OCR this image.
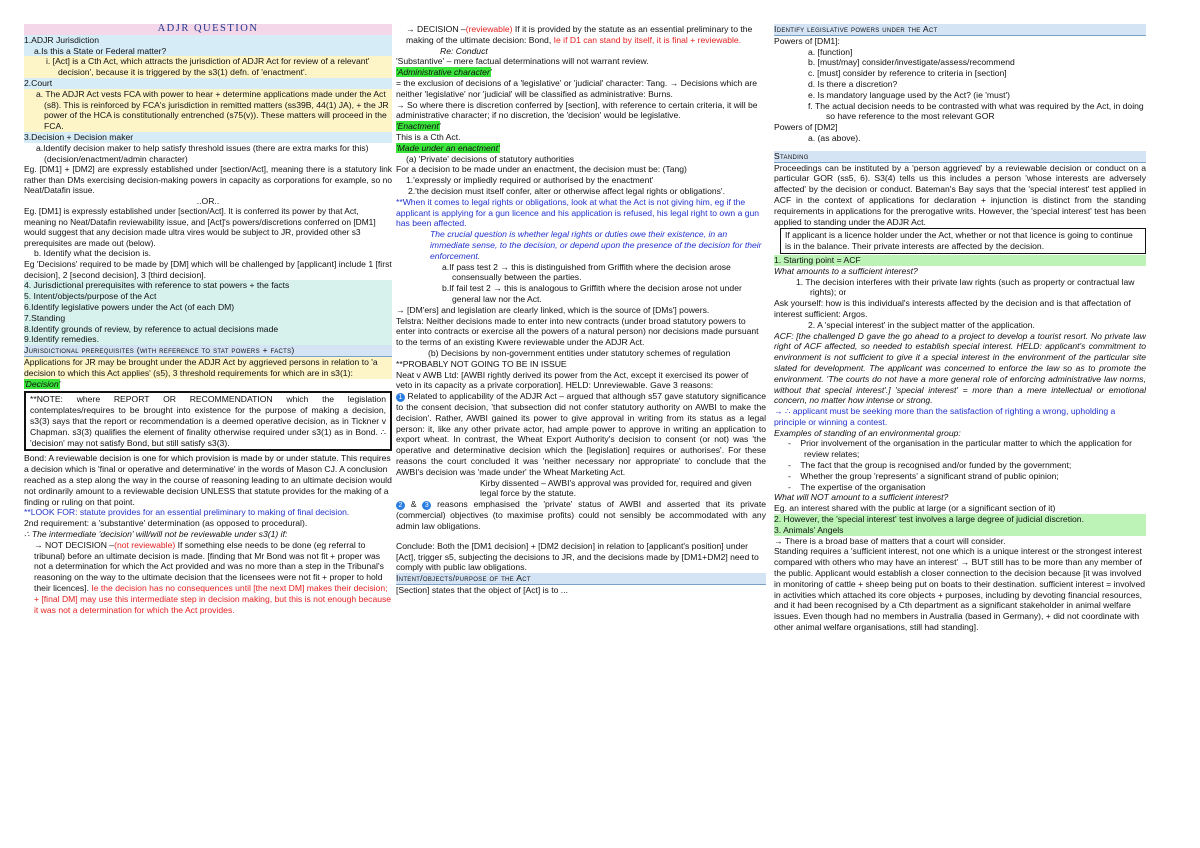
ADJR QUESTION
1.ADJR Jurisdiction
a.Is this a State or Federal matter?
i. [Act] is a Cth Act, which attracts the jurisdiction of ADJR Act for review of a relevant' decision', because it is triggered by the s3(1) defn. of 'enactment'.
2.Court
a. The ADJR Act vests FCA with power to hear + determine applications made under the Act (s8). This is reinforced by FCA's jurisdiction in remitted matters (ss39B, 44(1) JA), + the JR power of the HCA is constitutionally entrenched (s75(v)). These matters will proceed in the FCA.
3.Decision + Decision maker
a.Identify decision maker to help satisfy threshold issues (there are extra marks for this) (decision/enactment/admin character)
Eg. [DM1] + [DM2] are expressly established under [section/Act], meaning there is a statutory link rather than DMs exercising decision-making powers in capacity as corporations for example, so no Neat/Datafin issue.
..OR..
Eg. [DM1] is expressly established under [section/Act]. It is conferred its power by that Act, meaning no Neat/Datafin reviewability issue, and [Act]'s powers/discretions conferred on [DM1] would suggest that any decision made ultra vires would be subject to JR, provided other s3 prerequisites are made out (below).
b. Identify what the decision is.
Eg 'Decisions' required to be made by [DM] which will be challenged by [applicant] include 1 [first decision], 2 [second decision], 3 [third decision].
4. Jurisdictional prerequisites with reference to stat powers + the facts
5. Intent/objects/purpose of the Act
6.Identify legislative powers under the Act (of each DM)
7.Standing
8.Identify grounds of review, by reference to actual decisions made
9.Identify remedies.
Jurisdictional prerequisites (with reference to stat powers + facts)
Applications for JR may be brought under the ADJR Act by aggrieved persons in relation to 'a decision to which this Act applies' (s5), 3 threshold requirements for which are in s3(1):
'Decision'
**NOTE: where REPORT OR RECOMMENDATION which the legislation contemplates/requires to be brought into existence for the purpose of making a decision, s3(3) says that the report or recommendation is a deemed operative decision, as in Tickner v Chapman. s3(3) qualifies the element of finality otherwise required under s3(1) as in Bond. ∴ 'decision' may not satisfy Bond, but still satisfy s3(3).
Bond: A reviewable decision is one for which provision is made by or under statute. This requires a decision which is 'final or operative and determinative' in the words of Mason CJ. A conclusion reached as a step along the way in the course of reasoning leading to an ultimate decision would not ordinarily amount to a reviewable decision UNLESS that statute provides for the making of a finding or ruling on that point.
**LOOK FOR: statute provides for an essential preliminary to making of final decision.
2nd requirement: a 'substantive' determination (as opposed to procedural).
∴ The intermediate 'decision' will/will not be reviewable under s3(1) if:
→ NOT DECISION –(not reviewable) If something else needs to be done (eg referral to tribunal) before an ultimate decision is made. [finding that Mr Bond was not fit + proper was not a determination for which the Act provided and was no more than a step in the Tribunal's reasoning on the way to the ultimate decision that the licensees were not fit + proper to hold their licences]. Ie the decision has no consequences until [the next DM] makes their decision; + [final DM] may use this intermediate step in decision making, but this is not enough because it was not a determination for which the Act provides.
→ DECISION –(reviewable) If it is provided by the statute as an essential preliminary to the making of the ultimate decision: Bond, Ie if D1 can stand by itself, it is final + reviewable.
Re: Conduct
'Substantive' – mere factual determinations will not warrant review.
'Administrative character'
= the exclusion of decisions of a 'legislative' or 'judicial' character: Tang. → Decisions which are neither 'legislative' nor 'judicial' will be classified as administrative: Burns.
→ So where there is discretion conferred by [section], with reference to certain criteria, it will be administrative character; if no discretion, the 'decision' would be legislative.
'Enactment'
This is a Cth Act.
'Made under an enactment'
(a) 'Private' decisions of statutory authorities
For a decision to be made under an enactment, the decision must be: (Tang)
1.'expressly or impliedly required or authorised by the enactment'
2.'the decision must itself confer, alter or otherwise affect legal rights or obligations'.
**When it comes to legal rights or obligations, look at what the Act is not giving him, eg if the applicant is applying for a gun licence and his application is refused, his legal right to own a gun has been affected.
The crucial question is whether legal rights or duties owe their existence, in an immediate sense, to the decision, or depend upon the presence of the decision for their enforcement.
a.If pass test 2 → this is distinguished from Griffith where the decision arose consensually between the parties.
b.If fail test 2 → this is analogous to Griffith where the decision arose not under general law nor the Act.
→ [DM'ers] and legislation are clearly linked, which is the source of [DMs'] powers.
Telstra: Neither decisions made to enter into new contracts (under broad statutory powers to enter into contracts or exercise all the powers of a natural person) nor decisions made pursuant to the terms of an existing Kwere reviewable under the ADJR Act.
(b) Decisions by non-government entities under statutory schemes of regulation
**PROBABLY NOT GOING TO BE IN ISSUE
Neat v AWB Ltd: [AWBI rightly derived its power from the Act, except it exercised its power of veto in its capacity as a private corporation]. HELD: Unreviewable. Gave 3 reasons:
1 Related to applicability of the ADJR Act – argued that although s57 gave statutory significance to the consent decision, 'that subsection did not confer statutory authority on AWBI to make the decision'. Rather, AWBI gained its power to give approval in writing from its status as a legal person: it, like any other private actor, had ample power to approve in writing an application to export wheat. In contrast, the Wheat Export Authority's decision to consent (or not) was 'the operative and determinative decision which the [legislation] requires or authorises'. For these reasons the court concluded it was 'neither necessary nor appropriate' to conclude that the AWBI's decision was 'made under' the Wheat Marketing Act.
Kirby dissented – AWBI's approval was provided for, required and given legal force by the statute.
2 & 3 reasons emphasised the 'private' status of AWBI and asserted that its private (commercial) objectives (to maximise profits) could not sensibly be accommodated with any admin law obligations.
Conclude: Both the [DM1 decision] + [DM2 decision] in relation to [applicant's position] under [Act], trigger s5, subjecting the decisions to JR, and the decisions made by [DM1+DM2] need to comply with public law obligations.
Intent/objects/purpose of the Act
[Section] states that the object of [Act] is to ...
Identify legislative powers under the Act
Powers of [DM1]:
a. [function]
b. [must/may] consider/investigate/assess/recommend
c. [must] consider by reference to criteria in [section]
d. Is there a discretion?
e. Is mandatory language used by the Act? (ie 'must')
f. The actual decision needs to be contrasted with what was required by the Act, in doing so have reference to the most relevant GOR
Powers of [DM2]
a. (as above).
Standing
Proceedings can be instituted by a 'person aggrieved' by a reviewable decision or conduct on a particular GOR (ss5, 6). S3(4) tells us this includes a person 'whose interests are adversely affected' by the decision or conduct. Bateman's Bay says that the 'special interest' test applied in ACF in the context of applications for declaration + injunction is distinct from the standing requirements in applications for the prerogative writs. However, the 'special interest' test has been applied to standing under the ADJR Act.
If applicant is a licence holder under the Act, whether or not that licence is going to continue is in the balance. Their private interests are affected by the decision.
1. Starting point = ACF
What amounts to a sufficient interest?
1. The decision interferes with their private law rights (such as property or contractual law rights); or
Ask yourself: how is this individual's interests affected by the decision and is that affectation of interest sufficient: Argos.
2. A 'special interest' in the subject matter of the application.
ACF: [the challenged D gave the go ahead to a project to develop a tourist resort. No private law right of ACF affected, so needed to establish special interest. HELD: applicant's commitment to environment is not sufficient to give it a special interest in the environment of the particular site slated for development. The applicant was concerned to enforce the law so as to promote the environment. 'The courts do not have a more general role of enforcing administrative law norms, without that special interest'.] 'special interest' = more than a mere intellectual or emotional concern, no matter how intense or strong.
→ ∴ applicant must be seeking more than the satisfaction of righting a wrong, upholding a principle or winning a contest.
Examples of standing of an environmental group:
-    Prior involvement of the organisation in the particular matter to which the application for review relates;
-    The fact that the group is recognised and/or funded by the government;
-    Whether the group 'represents' a significant strand of public opinion;
-    The expertise of the organisation
What will NOT amount to a sufficient interest?
Eg. an interest shared with the public at large (or a significant section of it)
2. However, the 'special interest' test involves a large degree of judicial discretion.
3. Animals' Angels
→ There is a broad base of matters that a court will consider.
Standing requires a 'sufficient interest, not one which is a unique interest or the strongest interest compared with others who may have an interest' → BUT still has to be more than any member of the public. Applicant would establish a closer connection to the decision because [it was involved in monitoring of cattle + sheep being put on boats to their destination. sufficient interest = involved in activities which attached its core objects + purposes, including by devoting financial resources, and it had been recognised by a Cth department as a significant stakeholder in animal welfare issues. Even though had no members in Australia (based in Germany), + did not coordinate with other animal welfare organisations, still had standing].
